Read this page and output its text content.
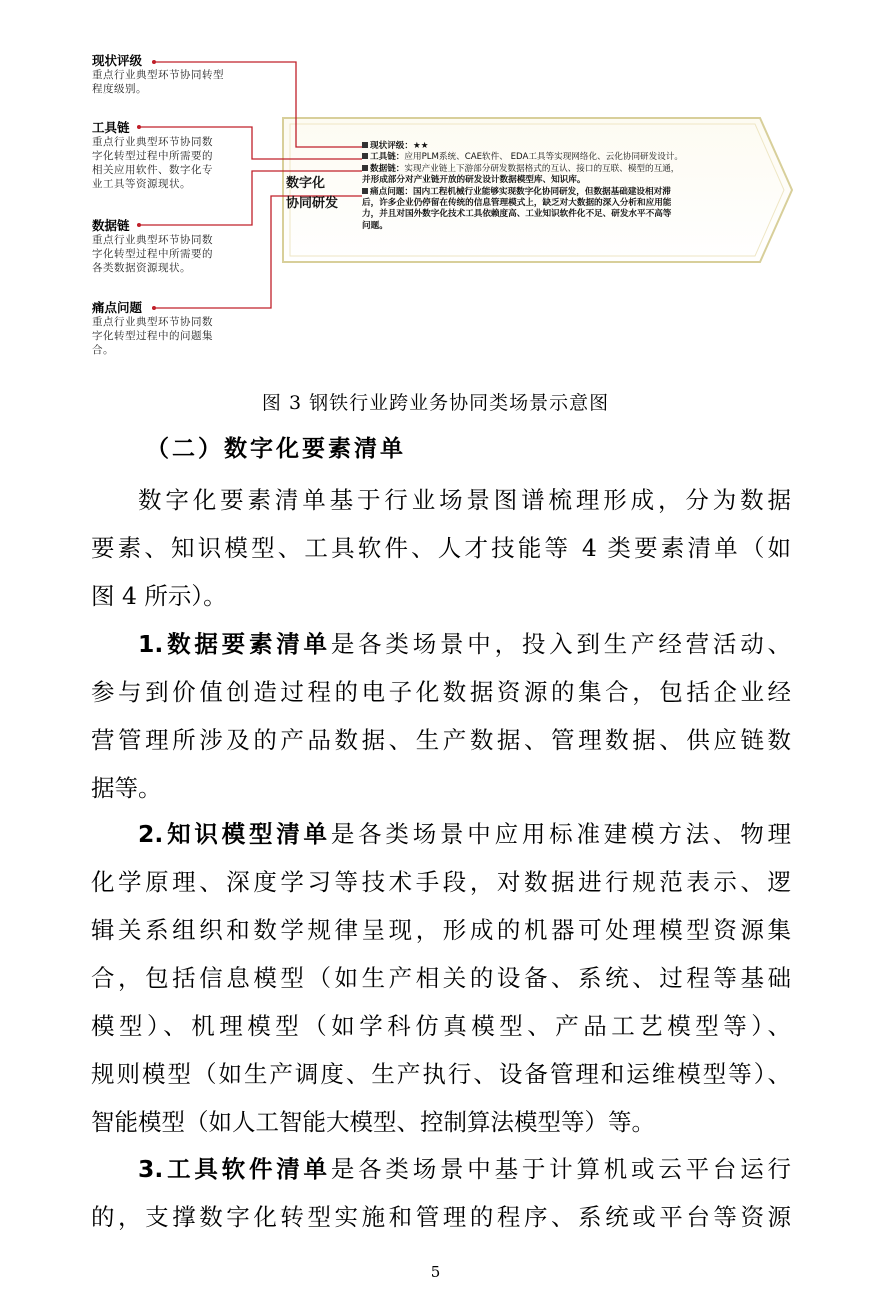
现状评级
重点行业典型环节协同转型
程度级别。
工具链
重点行业典型环节协同数
字化转型过程中所需要的
相关应用软件、数字化专
业工具等资源现状。
数据链
重点行业典型环节协同数
字化转型过程中所需要的
各类数据资源现状。
痛点问题
重点行业典型环节协同数
字化转型过程中的问题集
合。
数字化
协同研发
现状评级：★★
工具链：应用PLM系统、CAE软件、 EDA工具等实现网络化、云化协同研发设计。
数据链：实现产业链上下游部分研发数据格式的互认、接口的互联、模型的互通，
并形成部分对产业链开放的研发设计数据模型库、知识库。
痛点问题：国内工程机械行业能够实现数字化协同研发，但数据基础建设相对滞
后，许多企业仍停留在传统的信息管理模式上，缺乏对大数据的深入分析和应用能
力，并且对国外数字化技术工具依赖度高、工业知识软件化不足、研发水平不高等
问题。
图 3 钢铁行业跨业务协同类场景示意图
（二）数字化要素清单
数字化要素清单基于行业场景图谱梳理形成，分为数据
要素、知识模型、工具软件、人才技能等 4 类要素清单（如
图 4 所示）。
1.数据要素清单是各类场景中，投入到生产经营活动、
参与到价值创造过程的电子化数据资源的集合，包括企业经
营管理所涉及的产品数据、生产数据、管理数据、供应链数
据等。
2.知识模型清单是各类场景中应用标准建模方法、物理
化学原理、深度学习等技术手段，对数据进行规范表示、逻
辑关系组织和数学规律呈现，形成的机器可处理模型资源集
合，包括信息模型（如生产相关的设备、系统、过程等基础
模型）、机理模型（如学科仿真模型、产品工艺模型等）、
规则模型（如生产调度、生产执行、设备管理和运维模型等）、
智能模型（如人工智能大模型、控制算法模型等）等。
3.工具软件清单是各类场景中基于计算机或云平台运行
的，支撑数字化转型实施和管理的程序、系统或平台等资源
5
